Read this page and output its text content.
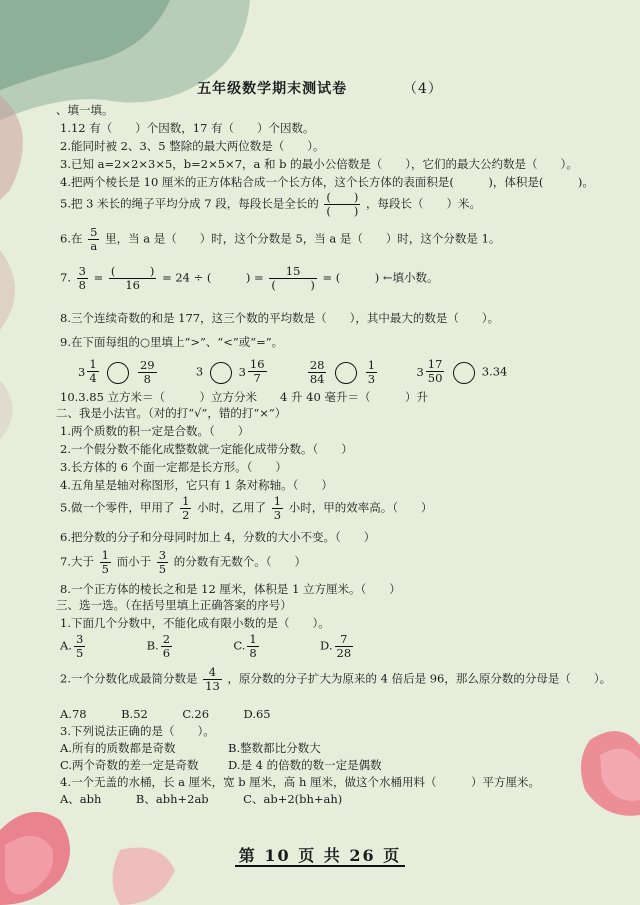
五年级数学期末测试卷	（4）
、填一填。
1.12 有（　　）个因数，17 有（　　）个因数。
2.能同时被 2、3、5 整除的最大两位数是（　　）。
3.已知 a=2×2×3×5，b=2×5×7，a 和 b 的最小公倍数是（　　），它们的最大公约数是（　　）。
4.把两个棱长是 10 厘米的正方体粘合成一个长方体，这个长方体的表面积是(　　　)，体积是(　　　)。
5.把 3 米长的绳子平均分成 7 段，每段长是全长的 $\frac{( )}{( )}$ ，每段长（　　）米。
6.在 $\frac{5}{a}$ 里，当 a 是（　　）时，这个分数是 5，当 a 是（　　）时，这个分数是 1。
7. $\frac{3}{8} = \frac{( )}{16} = 24$ ÷ (　　　) = $\frac{15}{( )}$ = (　　　) ←填小数。
8.三个连续奇数的和是 177，这三个数的平均数是（　　），其中最大的数是（　　）。
9.在下面每组的○里填上“>”、“<”或“=”。
$3 \frac{1}{4}$
	$\frac{29}{8}$	3	$3 \frac{16}{7}$
	$\frac{28}{84}$
	$\frac{1}{3}$
	$3 \frac{17}{50}$	3.34
10.3.85 立方米＝（　　　）立方分米　　4 升 40 毫升＝（　　　）升
二、我是小法官。（对的打“√”，错的打“×”）
1.两个质数的积一定是合数。（　　）
2.一个假分数不能化成整数就一定能化成带分数。（　　）
3.长方体的 6 个面一定都是长方形。（　　）
4.五角星是轴对称图形，它只有 1 条对称轴。（　　）
5.做一个零件，甲用了 $\frac{1}{2}$ 小时，乙用了 $\frac{1}{3}$ 小时，甲的效率高。（　　）
6.把分数的分子和分母同时加上 4，分数的大小不变。（　　）
7.大于 $\frac{1}{5}$ 而小于 $\frac{3}{5}$ 的分数有无数个。（　　）
8.一个正方体的棱长之和是 12 厘米，体积是 1 立方厘米。（　　）
三、选一选。（在括号里填上正确答案的序号）
1.下面几个分数中，不能化成有限小数的是（　　）。
A. $\frac{3}{5}$	B. $\frac{2}{6}$	C. $\frac{1}{8}$	D. $\frac{7}{28}$
2.一个分数化成最简分数是 $\frac{4}{13}$ ，原分数的分子扩大为原来的 4 倍后是 96，那么原分数的分母是（　　）。
A.78　　　B.52　　　C.26　　　D.65
3.下列说法正确的是（　　）。
A.所有的质数都是奇数	B.整数都比分数大
C.两个奇数的差一定是奇数	D.是 4 的倍数的数一定是偶数
4.一个无盖的水桶，长 a 厘米，宽 b 厘米，高 h 厘米，做这个水桶用料（　　　）平方厘米。
A、abh　　　B、abh+2ab　　　C、ab+2(bh+ah)
第 10 页 共 26 页
